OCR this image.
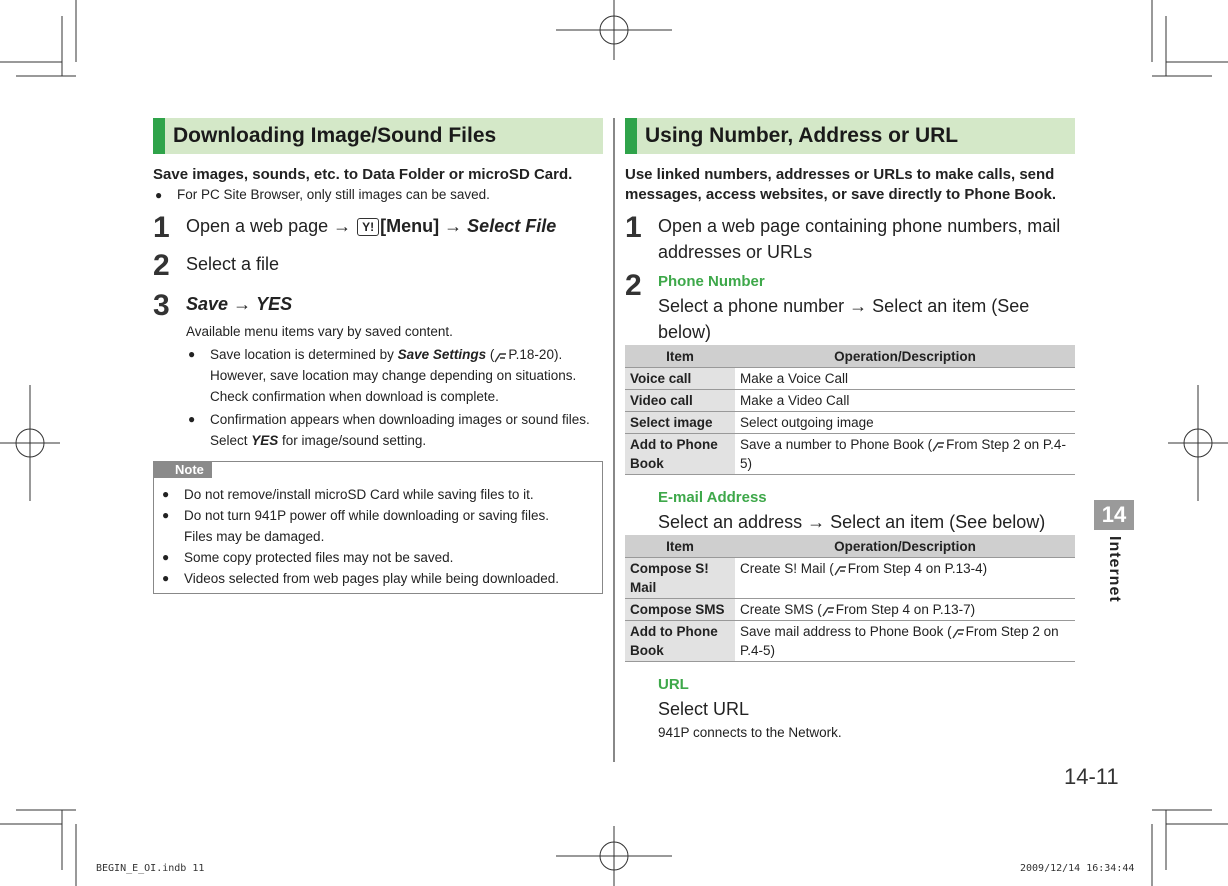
Downloading Image/Sound Files
Save images, sounds, etc. to Data Folder or microSD Card.
● For PC Site Browser, only still images can be saved.
1 Open a web page → Y! [Menu] → Select File
2 Select a file
3 Save → YES
Available menu items vary by saved content.
● Save location is determined by Save Settings ( P.18-20).
However, save location may change depending on situations. Check confirmation when download is complete.
● Confirmation appears when downloading images or sound files.
Select YES for image/sound setting.
Note
● Do not remove/install microSD Card while saving files to it.
● Do not turn 941P power off while downloading or saving files.
Files may be damaged.
● Some copy protected files may not be saved.
● Videos selected from web pages play while being downloaded.
Using Number, Address or URL
Use linked numbers, addresses or URLs to make calls, send messages, access websites, or save directly to Phone Book.
1 Open a web page containing phone numbers, mail addresses or URLs
2 Phone Number
Select a phone number → Select an item (See below)
Item	Operation/Description
Voice call	Make a Voice Call
Video call	Make a Video Call
Select image	Select outgoing image
Add to Phone Book	Save a number to Phone Book ( From Step 2 on P.4-5)
E-mail Address
Select an address → Select an item (See below)
Item	Operation/Description
Compose S! Mail	Create S! Mail ( From Step 4 on P.13-4)
Compose SMS	Create SMS ( From Step 4 on P.13-7)
Add to Phone Book	Save mail address to Phone Book ( From Step 2 on P.4-5)
URL
Select URL
941P connects to the Network.
14
Internet
14-11
BEGIN_E_OI.indb 11	2009/12/14 16:34:44
